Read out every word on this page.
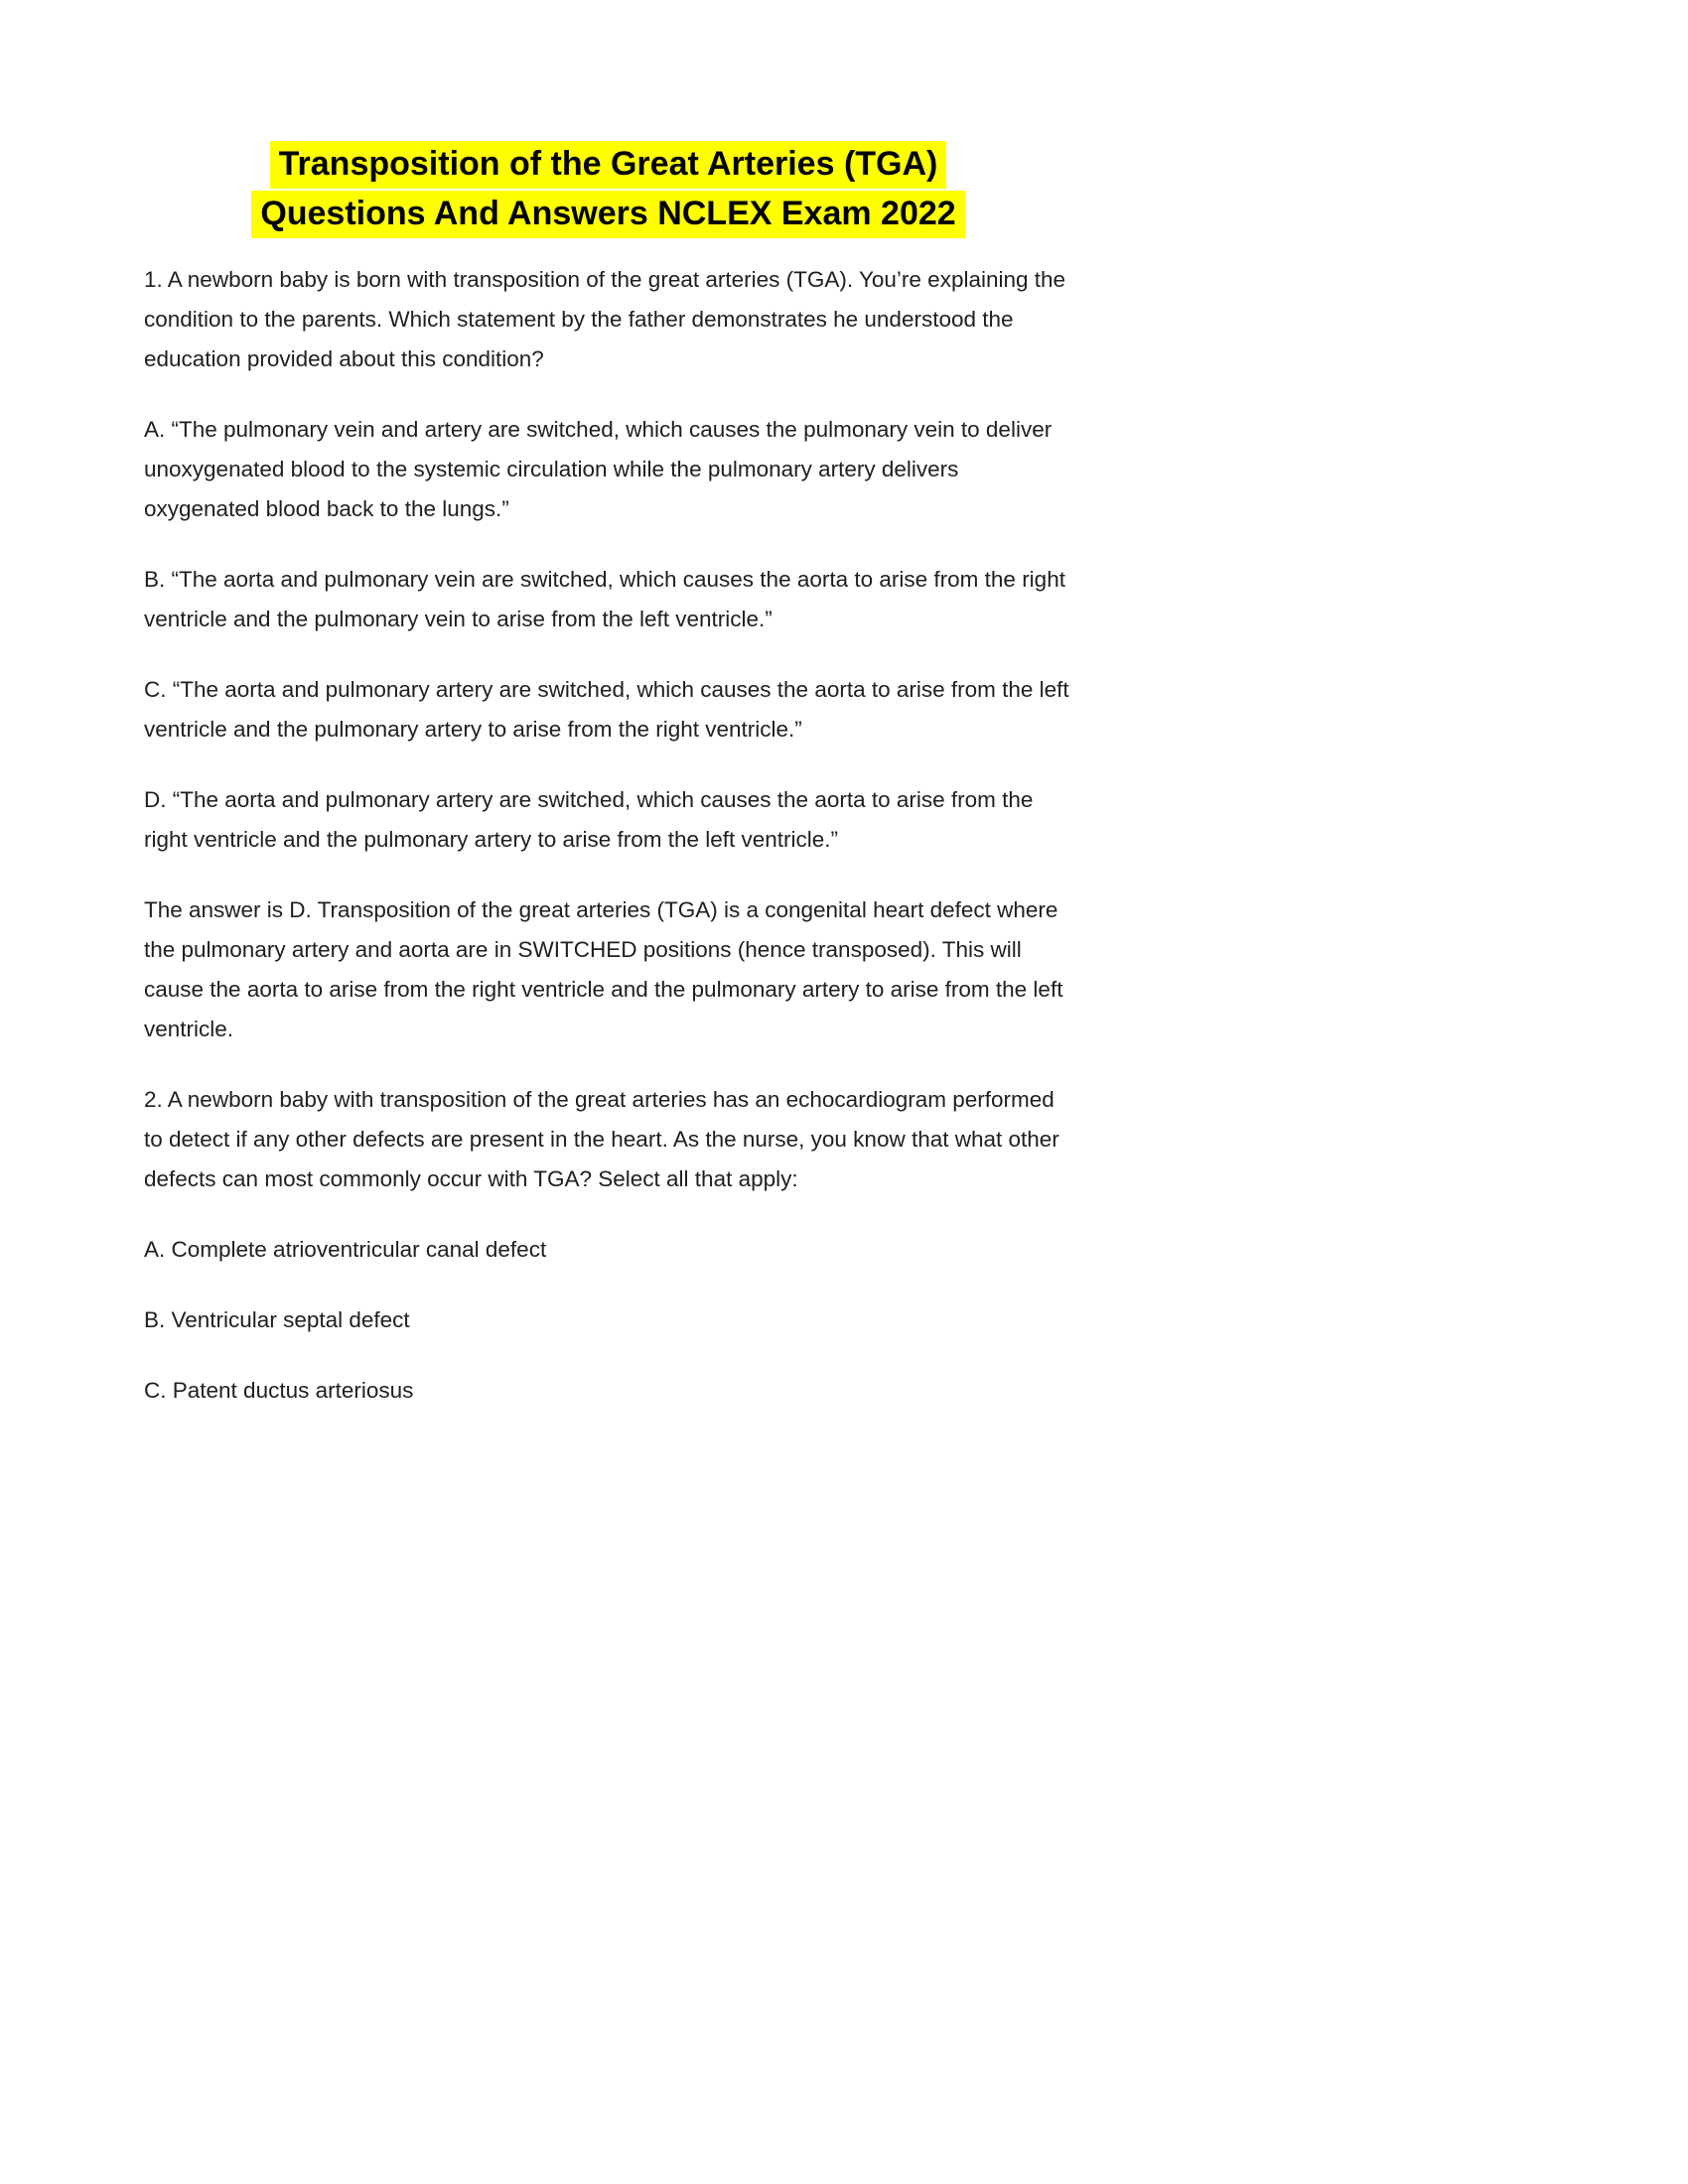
Transposition of the Great Arteries (TGA)
Questions And Answers NCLEX Exam 2022

1. A newborn baby is born with transposition of the great arteries (TGA). You’re explaining the condition to the parents. Which statement by the father demonstrates he understood the education provided about this condition?

A. “The pulmonary vein and artery are switched, which causes the pulmonary vein to deliver unoxygenated blood to the systemic circulation while the pulmonary artery delivers oxygenated blood back to the lungs.”

B. “The aorta and pulmonary vein are switched, which causes the aorta to arise from the right ventricle and the pulmonary vein to arise from the left ventricle.”

C. “The aorta and pulmonary artery are switched, which causes the aorta to arise from the left ventricle and the pulmonary artery to arise from the right ventricle.”

D. “The aorta and pulmonary artery are switched, which causes the aorta to arise from the right ventricle and the pulmonary artery to arise from the left ventricle.”

The answer is D. Transposition of the great arteries (TGA) is a congenital heart defect where the pulmonary artery and aorta are in SWITCHED positions (hence transposed). This will cause the aorta to arise from the right ventricle and the pulmonary artery to arise from the left ventricle.

2. A newborn baby with transposition of the great arteries has an echocardiogram performed to detect if any other defects are present in the heart. As the nurse, you know that what other defects can most commonly occur with TGA? Select all that apply:

A. Complete atrioventricular canal defect

B. Ventricular septal defect

C. Patent ductus arteriosus
